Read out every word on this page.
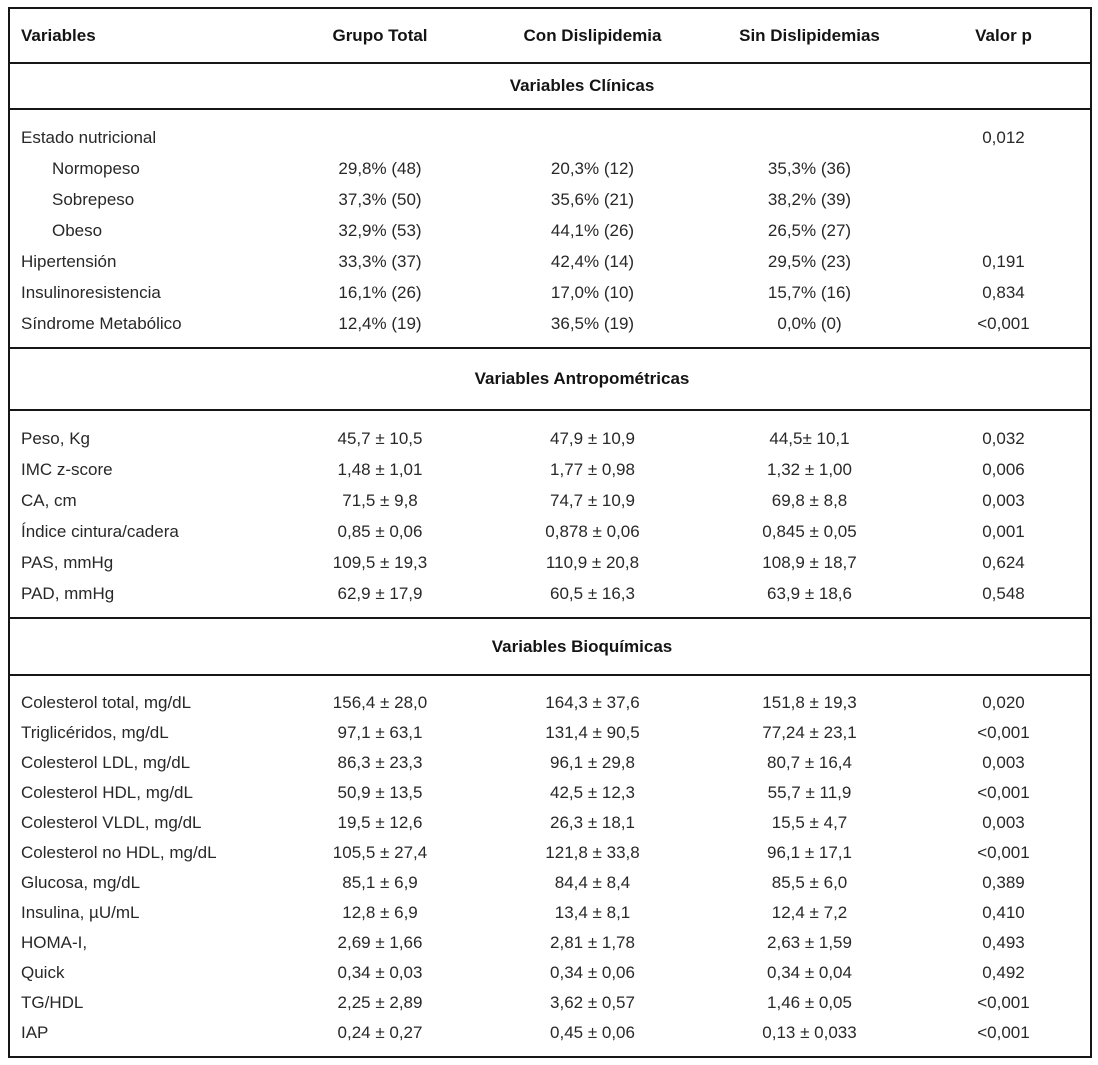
Variables	Grupo Total	Con Dislipidemia	Sin Dislipidemias	Valor p
Variables Clínicas				
Estado nutricional				0,012
Normopeso	29,8% (48)	20,3% (12)	35,3% (36)	
Sobrepeso	37,3% (50)	35,6% (21)	38,2% (39)	
Obeso	32,9% (53)	44,1% (26)	26,5% (27)	
Hipertensión	33,3% (37)	42,4% (14)	29,5% (23)	0,191
Insulinoresistencia	16,1% (26)	17,0% (10)	15,7% (16)	0,834
Síndrome Metabólico	12,4% (19)	36,5% (19)	0,0% (0)	<0,001
Variables Antropométricas				
Peso, Kg	45,7 ± 10,5	47,9 ± 10,9	44,5± 10,1	0,032
IMC z-score	1,48 ± 1,01	1,77 ± 0,98	1,32 ± 1,00	0,006
CA, cm	71,5 ± 9,8	74,7 ± 10,9	69,8 ± 8,8	0,003
Índice cintura/cadera	0,85 ± 0,06	0,878 ± 0,06	0,845 ± 0,05	0,001
PAS, mmHg	109,5 ± 19,3	110,9 ± 20,8	108,9 ± 18,7	0,624
PAD, mmHg	62,9 ± 17,9	60,5 ± 16,3	63,9 ± 18,6	0,548
Variables Bioquímicas				
Colesterol total, mg/dL	156,4 ± 28,0	164,3 ± 37,6	151,8 ± 19,3	0,020
Triglicéridos, mg/dL	97,1 ± 63,1	131,4 ± 90,5	77,24 ± 23,1	<0,001
Colesterol LDL, mg/dL	86,3 ± 23,3	96,1 ± 29,8	80,7 ± 16,4	0,003
Colesterol HDL, mg/dL	50,9 ± 13,5	42,5 ± 12,3	55,7 ± 11,9	<0,001
Colesterol VLDL, mg/dL	19,5 ± 12,6	26,3 ± 18,1	15,5 ± 4,7	0,003
Colesterol no HDL, mg/dL	105,5 ± 27,4	121,8 ± 33,8	96,1 ± 17,1	<0,001
Glucosa, mg/dL	85,1 ± 6,9	84,4 ± 8,4	85,5 ± 6,0	0,389
Insulina, µU/mL	12,8 ± 6,9	13,4 ± 8,1	12,4 ± 7,2	0,410
HOMA-I,	2,69 ± 1,66	2,81 ± 1,78	2,63 ± 1,59	0,493
Quick	0,34 ± 0,03	0,34 ± 0,06	0,34 ± 0,04	0,492
TG/HDL	2,25 ± 2,89	3,62 ± 0,57	1,46 ± 0,05	<0,001
IAP	0,24 ± 0,27	0,45 ± 0,06	0,13 ± 0,033	<0,001
